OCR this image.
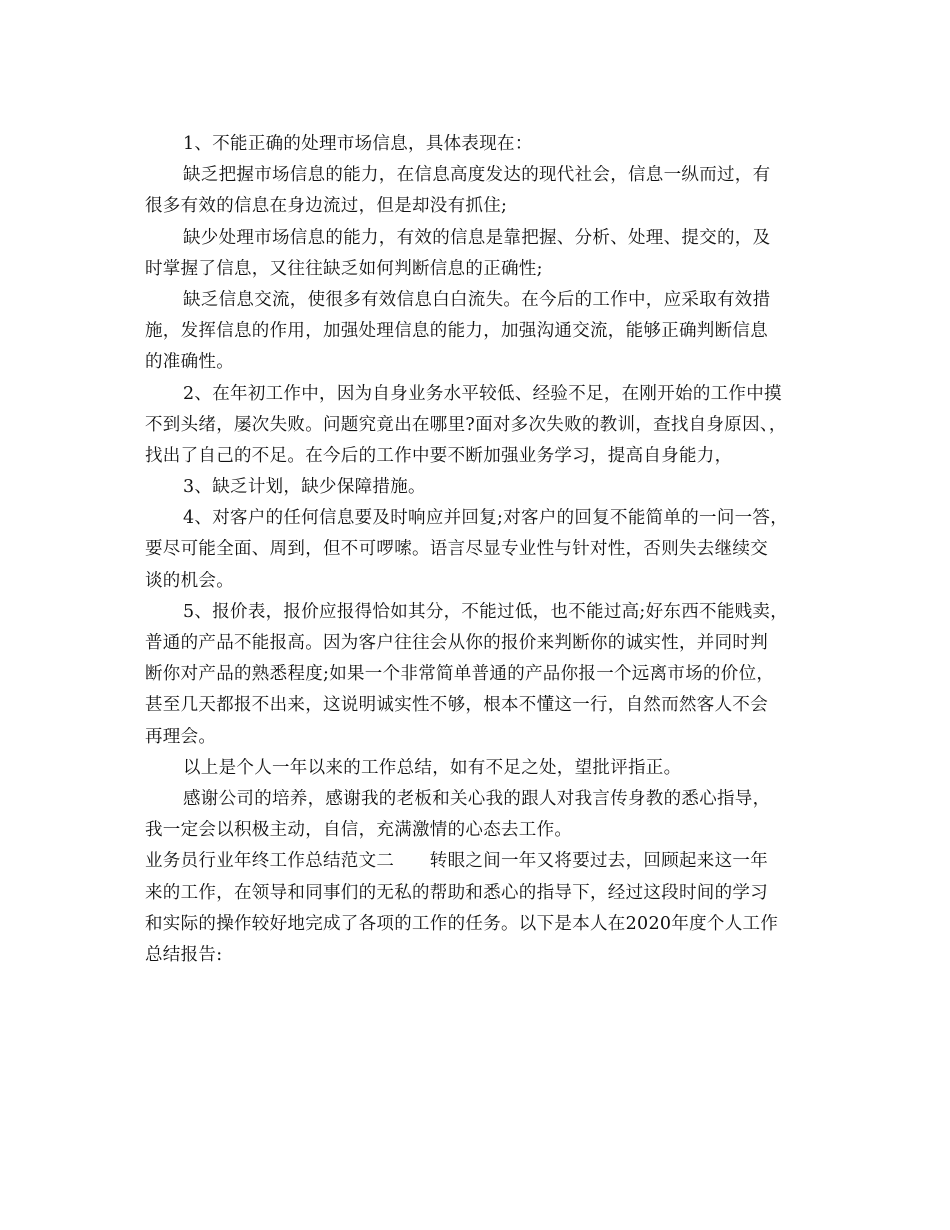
1、不能正确的处理市场信息，具体表现在：
缺乏把握市场信息的能力，在信息高度发达的现代社会，信息一纵而过，有
很多有效的信息在身边流过，但是却没有抓住;
缺少处理市场信息的能力，有效的信息是靠把握、分析、处理、提交的，及
时掌握了信息，又往往缺乏如何判断信息的正确性;
缺乏信息交流，使很多有效信息白白流失。在今后的工作中，应采取有效措
施，发挥信息的作用，加强处理信息的能力，加强沟通交流，能够正确判断信息
的准确性。
2、在年初工作中，因为自身业务水平较低、经验不足，在刚开始的工作中摸
不到头绪，屡次失败。问题究竟出在哪里?面对多次失败的教训，查找自身原因、，
找出了自己的不足。在今后的工作中要不断加强业务学习，提高自身能力，
3、缺乏计划，缺少保障措施。
4、对客户的任何信息要及时响应并回复;对客户的回复不能简单的一问一答，
要尽可能全面、周到，但不可啰嗦。语言尽显专业性与针对性，否则失去继续交
谈的机会。
5、报价表，报价应报得恰如其分，不能过低，也不能过高;好东西不能贱卖，
普通的产品不能报高。因为客户往往会从你的报价来判断你的诚实性，并同时判
断你对产品的熟悉程度;如果一个非常简单普通的产品你报一个远离市场的价位，
甚至几天都报不出来，这说明诚实性不够，根本不懂这一行，自然而然客人不会
再理会。
以上是个人一年以来的工作总结，如有不足之处，望批评指正。
感谢公司的培养，感谢我的老板和关心我的跟人对我言传身教的悉心指导，
我一定会以积极主动，自信，充满激情的心态去工作。
业务员行业年终工作总结范文二　　转眼之间一年又将要过去，回顾起来这一年
来的工作，在领导和同事们的无私的帮助和悉心的指导下，经过这段时间的学习
和实际的操作较好地完成了各项的工作的任务。以下是本人在2020年度个人工作
总结报告:
